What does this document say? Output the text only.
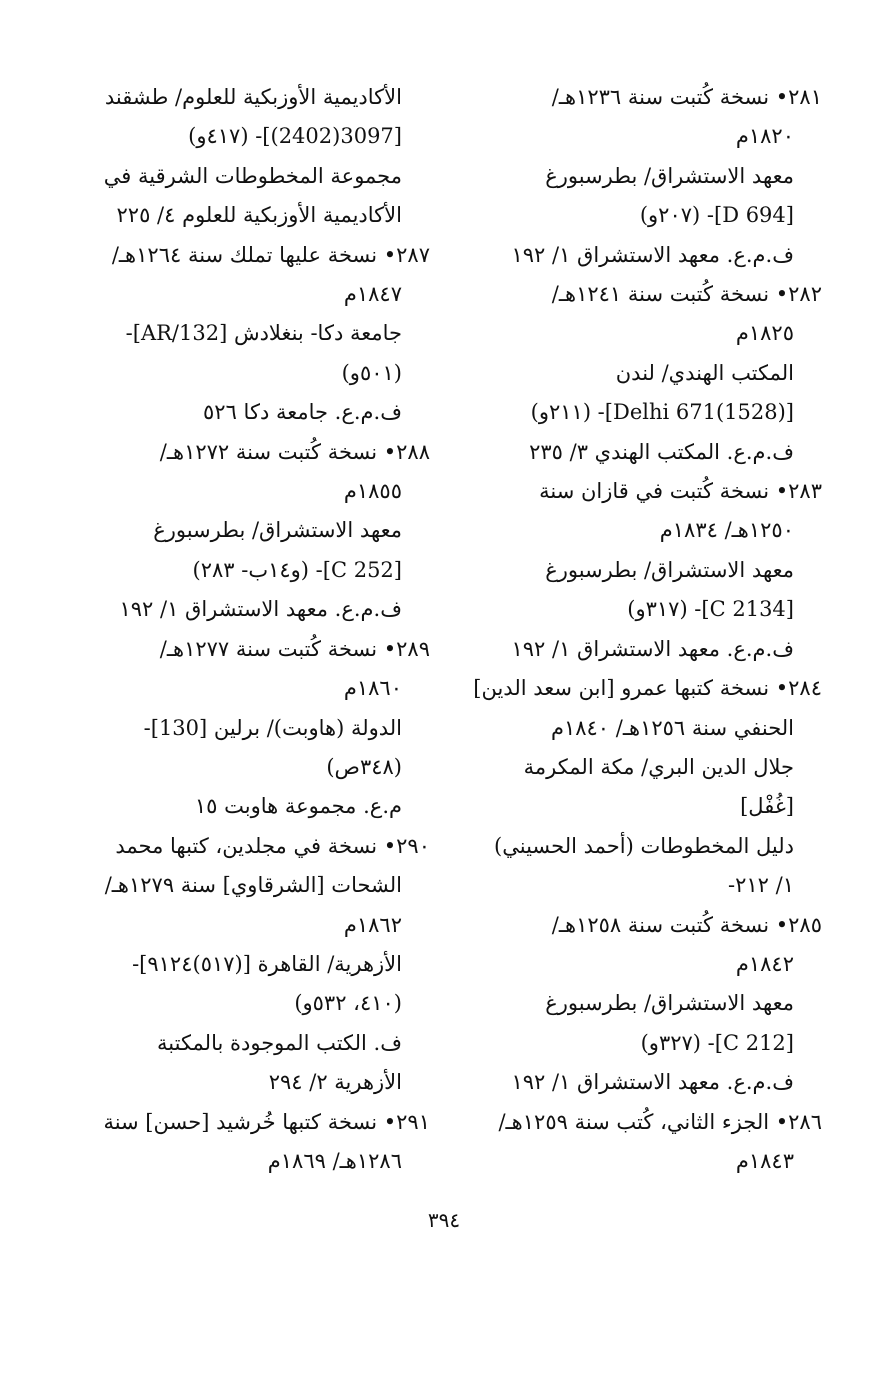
٢٨١• نسخة كُتبت سنة ١٢٣٦هـ/
١٨٢٠م
معهد الاستشراق/ بطرسبورغ
[D 694]- (٢٠٧و)
ف.م.ع. معهد الاستشراق ١/ ١٩٢
٢٨٢• نسخة كُتبت سنة ١٢٤١هـ/
١٨٢٥م
المكتب الهندي/ لندن
[Delhi 671(1528)]- (٢١١و)
ف.م.ع. المكتب الهندي ٣/ ٢٣٥
٢٨٣• نسخة كُتبت في قازان سنة
١٢٥٠هـ/ ١٨٣٤م
معهد الاستشراق/ بطرسبورغ
[C 2134]- (٣١٧و)
ف.م.ع. معهد الاستشراق ١/ ١٩٢
٢٨٤• نسخة كتبها عمرو [ابن سعد الدين]
الحنفي سنة ١٢٥٦هـ/ ١٨٤٠م
جلال الدين البري/ مكة المكرمة
[غُفْل]
دليل المخطوطات (أحمد الحسيني)
١/ ٢١٢-
٢٨٥• نسخة كُتبت سنة ١٢٥٨هـ/
١٨٤٢م
معهد الاستشراق/ بطرسبورغ
[C 212]- (٣٢٧و)
ف.م.ع. معهد الاستشراق ١/ ١٩٢
٢٨٦• الجزء الثاني، كُتب سنة ١٢٥٩هـ/
١٨٤٣م
الأكاديمية الأوزبكية للعلوم/ طشقند
[3097(2402)]- (٤١٧و)
مجموعة المخطوطات الشرقية في
الأكاديمية الأوزبكية للعلوم ٤/ ٢٢٥
٢٨٧• نسخة عليها تملك سنة ١٢٦٤هـ/
١٨٤٧م
جامعة دكا- بنغلادش [AR/132]-
(٥٠١و)
ف.م.ع. جامعة دكا ٥٢٦
٢٨٨• نسخة كُتبت سنة ١٢٧٢هـ/
١٨٥٥م
معهد الاستشراق/ بطرسبورغ
[C 252]- (و١٤ب- ٢٨٣)
ف.م.ع. معهد الاستشراق ١/ ١٩٢
٢٨٩• نسخة كُتبت سنة ١٢٧٧هـ/
١٨٦٠م
الدولة (هاوبت)/ برلين [130]-
(٣٤٨ص)
م.ع. مجموعة هاوبت ١٥
٢٩٠• نسخة في مجلدين، كتبها محمد
الشحات [الشرقاوي] سنة ١٢٧٩هـ/
١٨٦٢م
الأزهرية/ القاهرة [(٥١٧)٩١٢٤]-
(٤١٠، ٥٣٢و)
ف. الكتب الموجودة بالمكتبة
الأزهرية ٢/ ٢٩٤
٢٩١• نسخة كتبها خُرشيد [حسن] سنة
١٢٨٦هـ/ ١٨٦٩م
٣٩٤
